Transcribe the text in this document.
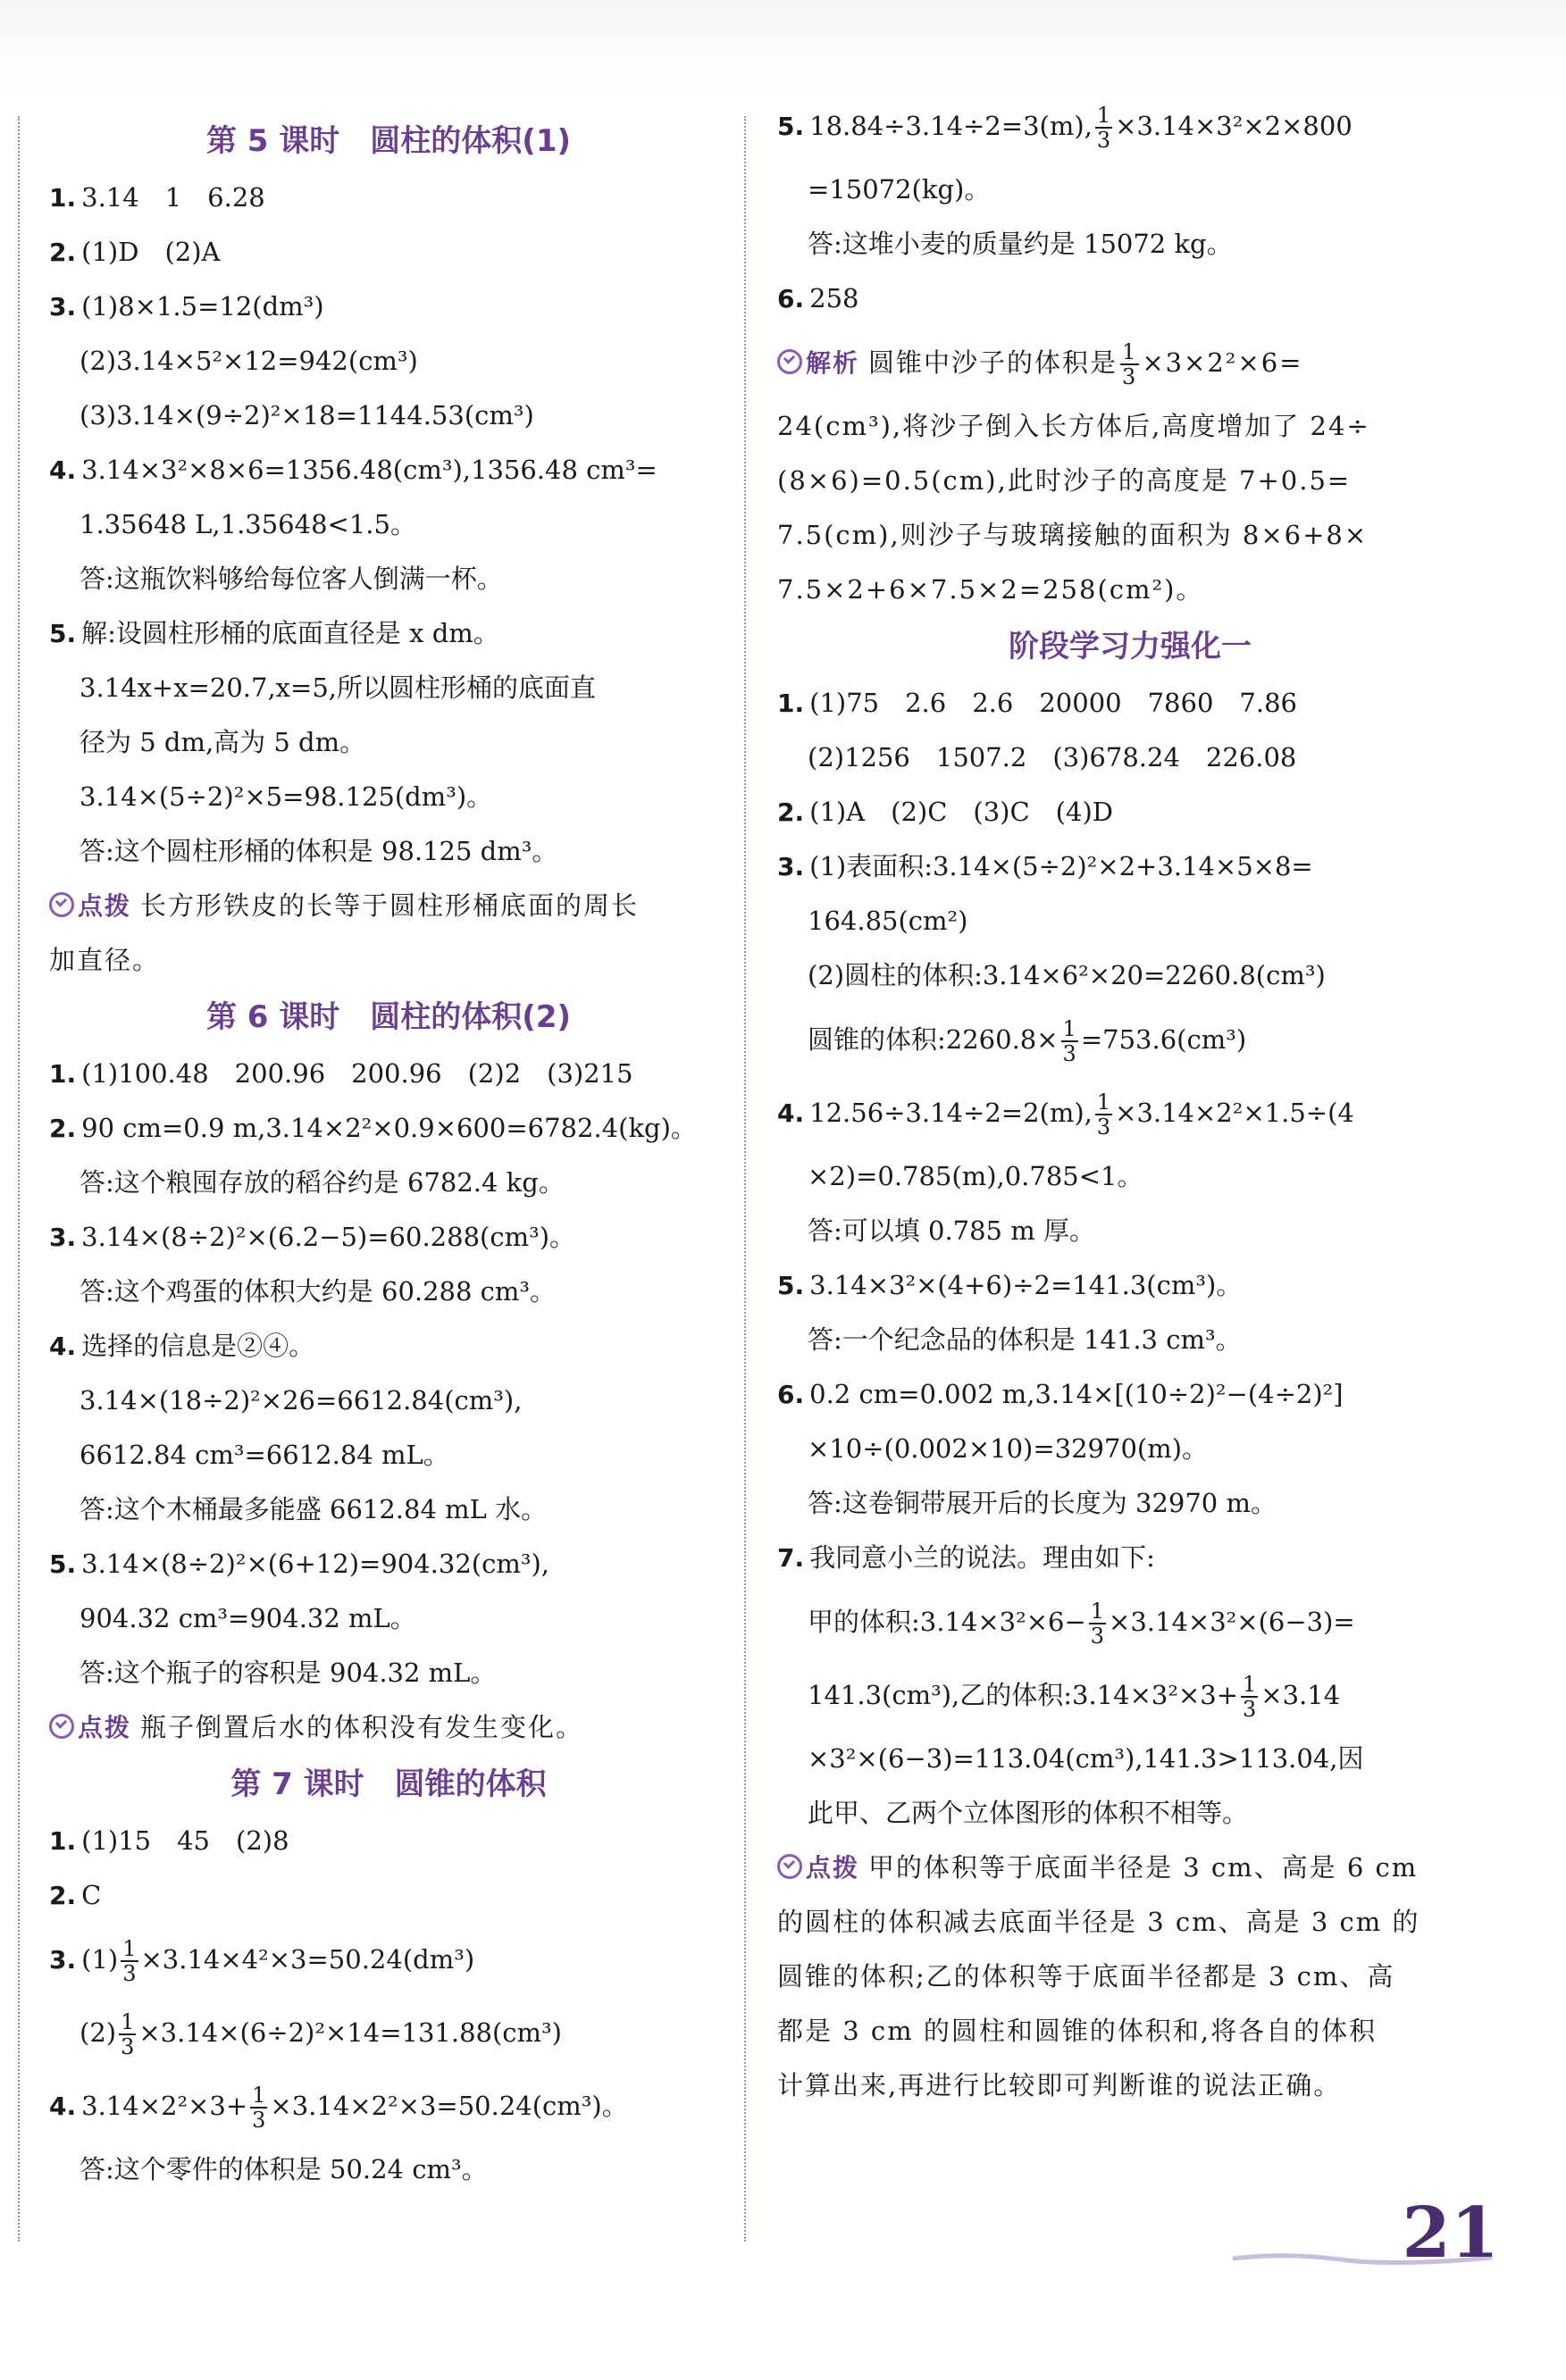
第 5 课时　圆柱的体积(1)
1. 3.14　1　6.28
2. (1)D　(2)A
3. (1)8×1.5=12(dm³)
(2)3.14×5²×12=942(cm³)
(3)3.14×(9÷2)²×18=1144.53(cm³)
4. 3.14×3²×8×6=1356.48(cm³),1356.48 cm³=
1.35648 L,1.35648<1.5。
答:这瓶饮料够给每位客人倒满一杯。
5. 解:设圆柱形桶的底面直径是 x dm。
3.14x+x=20.7,x=5,所以圆柱形桶的底面直
径为 5 dm,高为 5 dm。
3.14×(5÷2)²×5=98.125(dm³)。
答:这个圆柱形桶的体积是 98.125 dm³。
点拨 长方形铁皮的长等于圆柱形桶底面的周长
加直径。
第 6 课时　圆柱的体积(2)
1. (1)100.48　200.96　200.96　(2)2　(3)215
2. 90 cm=0.9 m,3.14×2²×0.9×600=6782.4(kg)。
答:这个粮囤存放的稻谷约是 6782.4 kg。
3. 3.14×(8÷2)²×(6.2−5)=60.288(cm³)。
答:这个鸡蛋的体积大约是 60.288 cm³。
4. 选择的信息是②④。
3.14×(18÷2)²×26=6612.84(cm³),
6612.84 cm³=6612.84 mL。
答:这个木桶最多能盛 6612.84 mL 水。
5. 3.14×(8÷2)²×(6+12)=904.32(cm³),
904.32 cm³=904.32 mL。
答:这个瓶子的容积是 904.32 mL。
点拨 瓶子倒置后水的体积没有发生变化。
第 7 课时　圆锥的体积
1. (1)15　45　(2)8
2. C
3. $(1) \frac{1}{3} \times 3.14\times 4^2\times 3=50.24(dm^3)$
$(2) \frac{1}{3} \times 3.14\times(6\div 2)^2\times 14=131.88(cm^3)$
4. $3.14\times 2^2\times 3+ \frac{1}{3} \times 3.14\times 2^2\times 3=50.24(cm^3)$。
答:这个零件的体积是 50.24 cm³。
5. 18.84÷3.14÷2=3(m), $\frac{1}{3} \times 3.14\times 3^2\times 2\times 800$
=15072(kg)。
答:这堆小麦的质量约是 15072 kg。
6. 258
解析 圆锥中沙子的体积是 $\frac{1}{3} \times 3\times 2^2\times 6=$
24(cm³),将沙子倒入长方体后,高度增加了 24÷
(8×6)=0.5(cm),此时沙子的高度是 7+0.5=
7.5(cm),则沙子与玻璃接触的面积为 8×6+8×
7.5×2+6×7.5×2=258(cm²)。
阶段学习力强化一
1. (1)75　2.6　2.6　20000　7860　7.86
(2)1256　1507.2　(3)678.24　226.08
2. (1)A　(2)C　(3)C　(4)D
3. (1)表面积:3.14×(5÷2)²×2+3.14×5×8=
164.85(cm²)
(2)圆柱的体积:3.14×6²×20=2260.8(cm³)
圆锥的体积:2260.8× $\frac{1}{3} =753.6(cm^3)$
4. 12.56÷3.14÷2=2(m), $\frac{1}{3} \times 3.14\times 2^2\times 1.5\div(4$
×2)=0.785(m),0.785<1。
答:可以填 0.785 m 厚。
5. 3.14×3²×(4+6)÷2=141.3(cm³)。
答:一个纪念品的体积是 141.3 cm³。
6. 0.2 cm=0.002 m,3.14×[(10÷2)²−(4÷2)²]
×10÷(0.002×10)=32970(m)。
答:这卷铜带展开后的长度为 32970 m。
7. 我同意小兰的说法。理由如下:
甲的体积:3.14×3²×6− $\frac{1}{3} \times 3.14\times 3^2\times(6-3)=$
141.3(cm³),乙的体积:3.14×3²×3+ $\frac{1}{3} \times 3.14$
×3²×(6−3)=113.04(cm³),141.3>113.04,因
此甲、乙两个立体图形的体积不相等。
点拨 甲的体积等于底面半径是 3 cm、高是 6 cm
的圆柱的体积减去底面半径是 3 cm、高是 3 cm 的
圆锥的体积;乙的体积等于底面半径都是 3 cm、高
都是 3 cm 的圆柱和圆锥的体积和,将各自的体积
计算出来,再进行比较即可判断谁的说法正确。
21
